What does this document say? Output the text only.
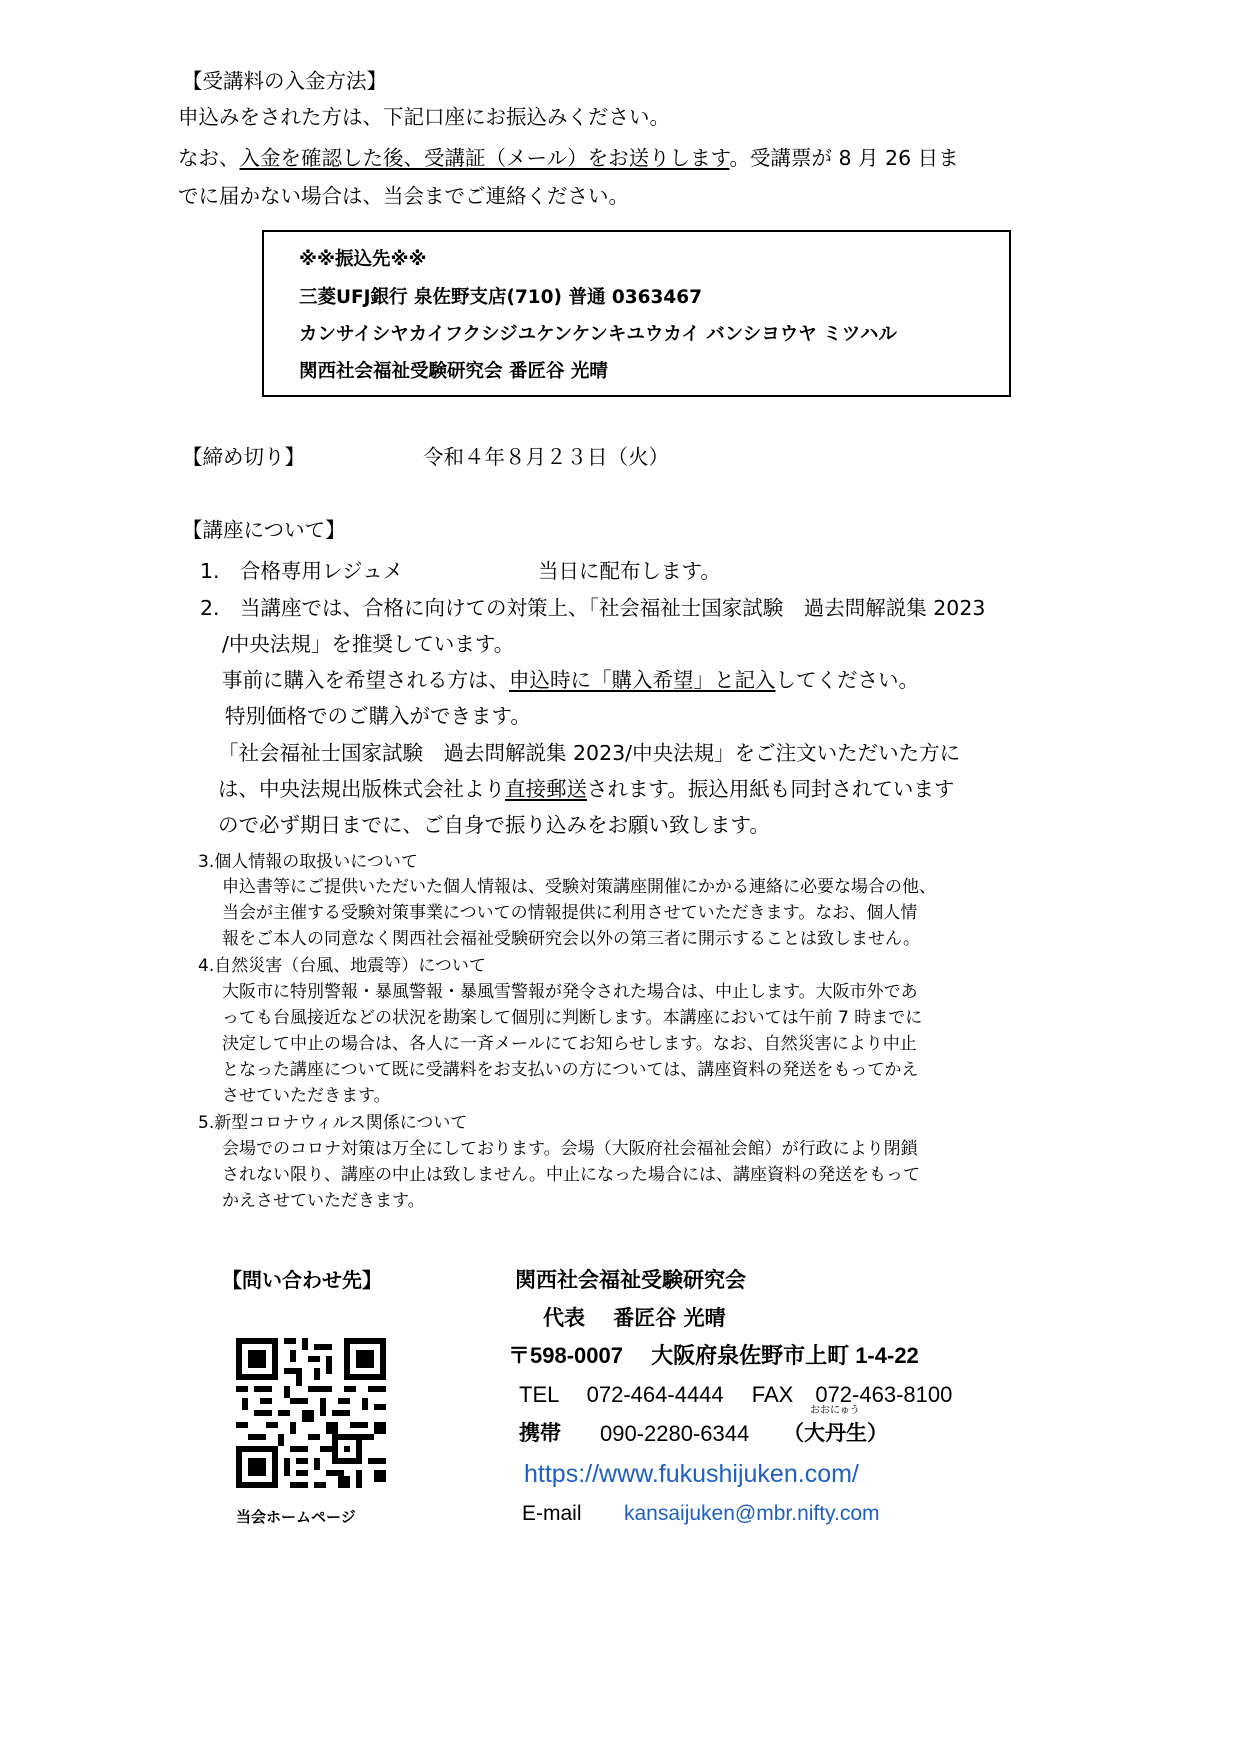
【受講料の入金方法】
申込みをされた方は、下記口座にお振込みください。
なお、入金を確認した後、受講証（メール）をお送りします。受講票が 8 月 26 日ま
でに届かない場合は、当会までご連絡ください。
※※振込先※※
三菱UFJ銀行 泉佐野支店(710) 普通 0363467
カンサイシヤカイフクシジユケンケンキユウカイ バンシヨウヤ ミツハル
関西社会福祉受験研究会 番匠谷 光晴
【締め切り】	令和４年８月２３日（火）
【講座について】
1. 合格専用レジュメ	当日に配布します。
2. 当講座では、合格に向けての対策上、「社会福祉士国家試験　過去問解説集 2023
/中央法規」を推奨しています。
事前に購入を希望される方は、申込時に「購入希望」と記入してください。
特別価格でのご購入ができます。
「社会福祉士国家試験　過去問解説集 2023/中央法規」をご注文いただいた方に
は、中央法規出版株式会社より直接郵送されます。振込用紙も同封されています
ので必ず期日までに、ご自身で振り込みをお願い致します。
3.個人情報の取扱いについて
申込書等にご提供いただいた個人情報は、受験対策講座開催にかかる連絡に必要な場合の他、
当会が主催する受験対策事業についての情報提供に利用させていただきます。なお、個人情
報をご本人の同意なく関西社会福祉受験研究会以外の第三者に開示することは致しません。
4.自然災害（台風、地震等）について
大阪市に特別警報・暴風警報・暴風雪警報が発令された場合は、中止します。大阪市外であ
っても台風接近などの状況を勘案して個別に判断します。本講座においては午前 7 時までに
決定して中止の場合は、各人に一斉メールにてお知らせします。なお、自然災害により中止
となった講座について既に受講料をお支払いの方については、講座資料の発送をもってかえ
させていただきます。
5.新型コロナウィルス関係について
会場でのコロナ対策は万全にしております。会場（大阪府社会福祉会館）が行政により閉鎖
されない限り、講座の中止は致しません。中止になった場合には、講座資料の発送をもって
かえさせていただきます。
【問い合わせ先】	関西社会福祉受験研究会
代表　 番匠谷 光晴
〒598-0007　 大阪府泉佐野市上町 1-4-22
TEL　 072-464-4444　 FAX　072-463-8100
携帯 090-2280-6344 （大丹生）
おおにゅう
https://www.fukushijuken.com/
E-mail kansaijuken@mbr.nifty.com
当会ホームページ
